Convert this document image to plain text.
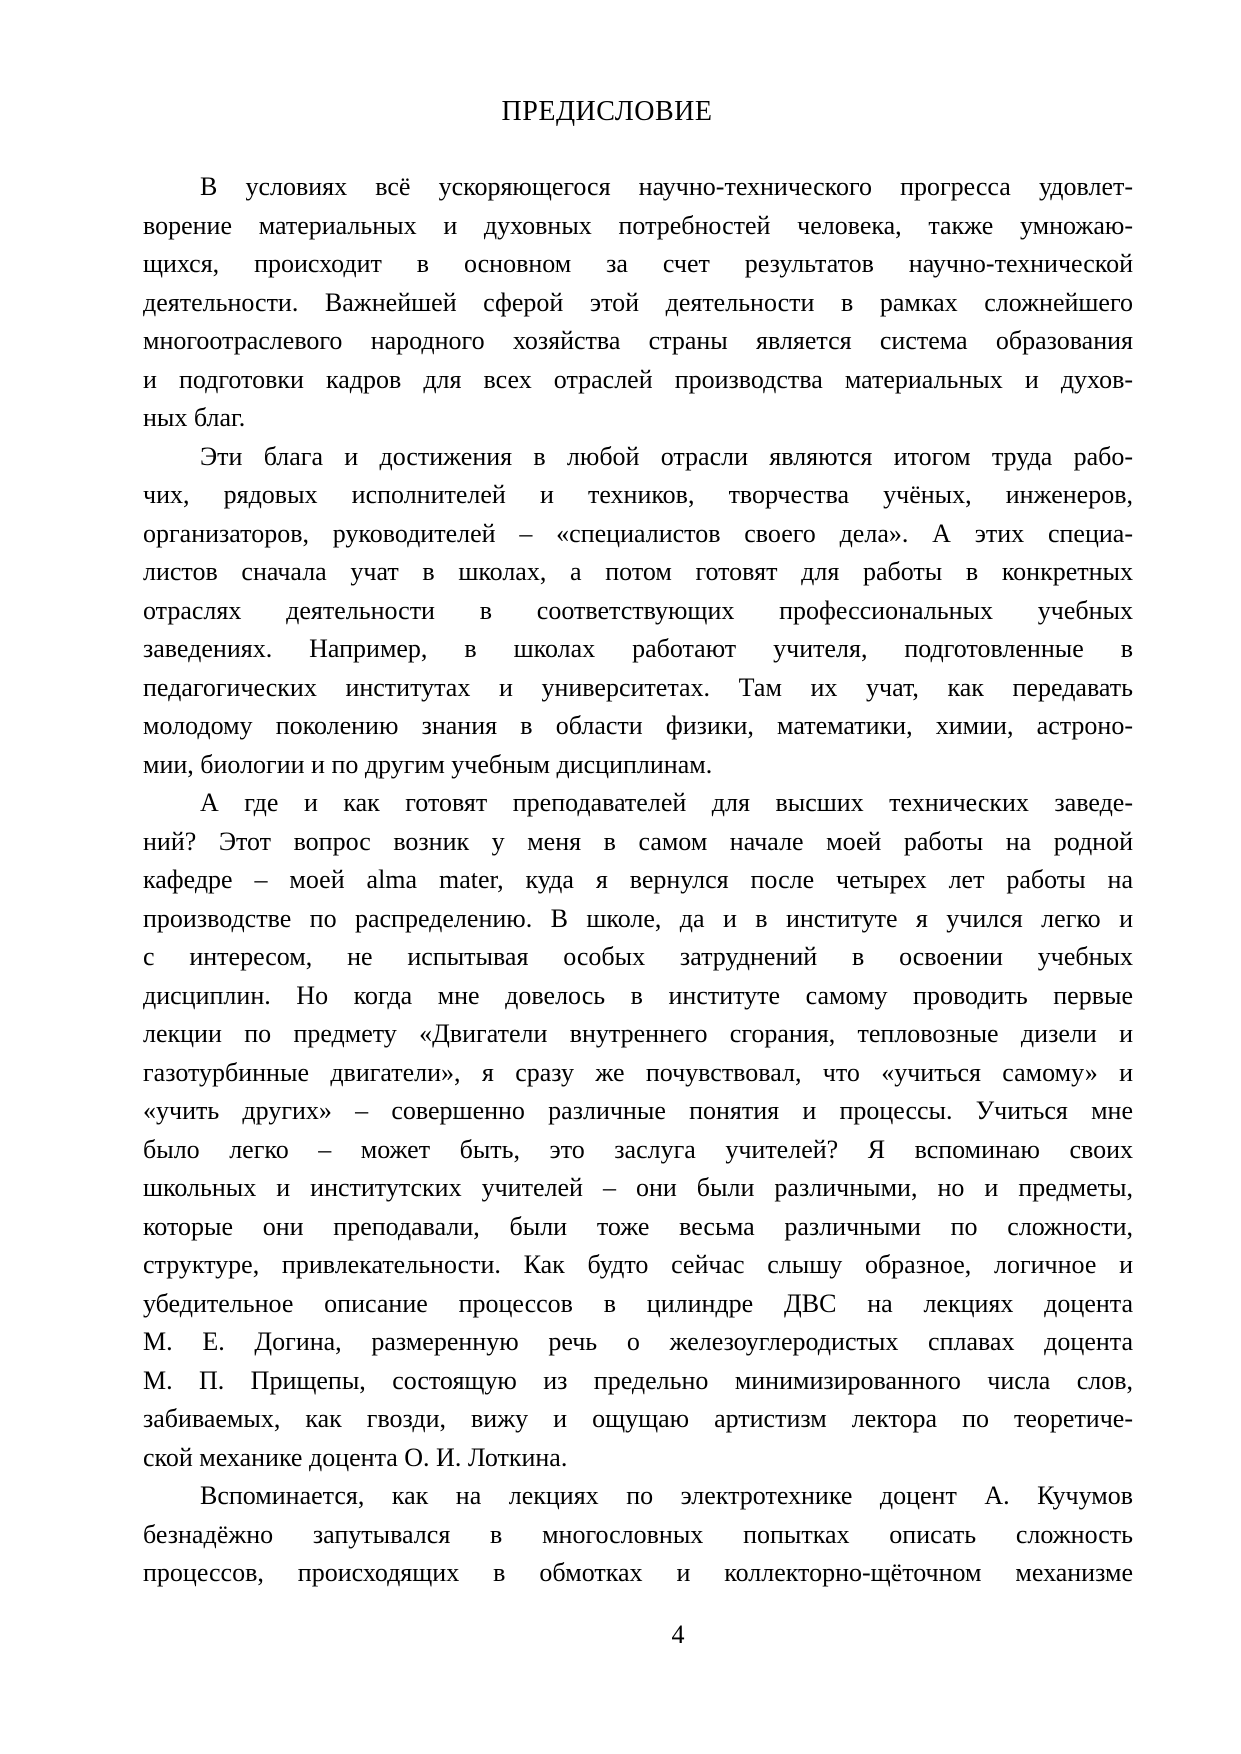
ПРЕДИСЛОВИЕ
В условиях всё ускоряющегося научно-технического прогресса удовлет-
ворение материальных и духовных потребностей человека, также умножаю-
щихся, происходит в основном за счет результатов научно-технической
деятельности. Важнейшей сферой этой деятельности в рамках сложнейшего
многоотраслевого народного хозяйства страны является система образования
и подготовки кадров для всех отраслей производства материальных и духов-
ных благ.
Эти блага и достижения в любой отрасли являются итогом труда рабо-
чих, рядовых исполнителей и техников, творчества учёных, инженеров,
организаторов, руководителей – «специалистов своего дела». А этих специа-
листов сначала учат в школах, а потом готовят для работы в конкретных
отраслях деятельности в соответствующих профессиональных учебных
заведениях. Например, в школах работают учителя, подготовленные в
педагогических институтах и университетах. Там их учат, как передавать
молодому поколению знания в области физики, математики, химии, астроно-
мии, биологии и по другим учебным дисциплинам.
А где и как готовят преподавателей для высших технических заведе-
ний? Этот вопрос возник у меня в самом начале моей работы на родной
кафедре – моей alma mater, куда я вернулся после четырех лет работы на
производстве по распределению. В школе, да и в институте я учился легко и
с интересом, не испытывая особых затруднений в освоении учебных
дисциплин. Но когда мне довелось в институте самому проводить первые
лекции по предмету «Двигатели внутреннего сгорания, тепловозные дизели и
газотурбинные двигатели», я сразу же почувствовал, что «учиться самому» и
«учить других» – совершенно различные понятия и процессы. Учиться мне
было легко – может быть, это заслуга учителей? Я вспоминаю своих
школьных и институтских учителей – они были различными, но и предметы,
которые они преподавали, были тоже весьма различными по сложности,
структуре, привлекательности. Как будто сейчас слышу образное, логичное и
убедительное описание процессов в цилиндре ДВС на лекциях доцента
М. Е. Догина, размеренную речь о железоуглеродистых сплавах доцента
М. П. Прищепы, состоящую из предельно минимизированного числа слов,
забиваемых, как гвозди, вижу и ощущаю артистизм лектора по теоретиче-
ской механике доцента О. И. Лоткина.
Вспоминается, как на лекциях по электротехнике доцент А. Кучумов
безнадёжно запутывался в многословных попытках описать сложность
процессов, происходящих в обмотках и коллекторно-щёточном механизме
4
